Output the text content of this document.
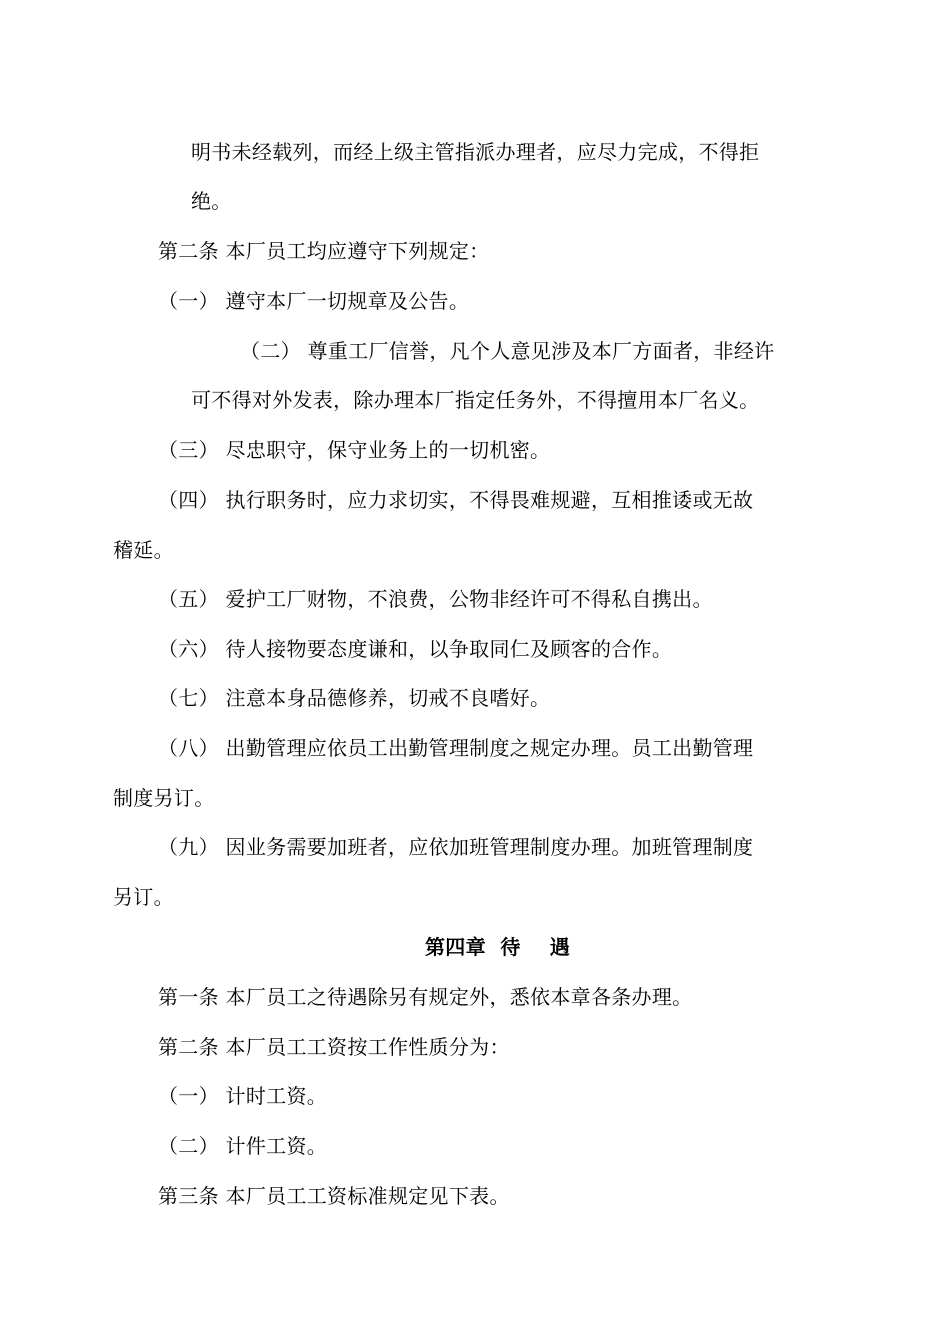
明书未经载列，而经上级主管指派办理者，应尽力完成，不得拒
绝。
第二条 本厂员工均应遵守下列规定：
（一） 遵守本厂一切规章及公告。
（二） 尊重工厂信誉，凡个人意见涉及本厂方面者，非经许
可不得对外发表，除办理本厂指定任务外，不得擅用本厂名义。
（三） 尽忠职守，保守业务上的一切机密。
（四） 执行职务时，应力求切实，不得畏难规避，互相推诿或无故
稽延。
（五） 爱护工厂财物，不浪费，公物非经许可不得私自携出。
（六） 待人接物要态度谦和，以争取同仁及顾客的合作。
（七） 注意本身品德修养，切戒不良嗜好。
（八） 出勤管理应依员工出勤管理制度之规定办理。员工出勤管理
制度另订。
（九） 因业务需要加班者，应依加班管理制度办理。加班管理制度
另订。
第四章  待    遇
第一条 本厂员工之待遇除另有规定外，悉依本章各条办理。
第二条 本厂员工工资按工作性质分为：
（一） 计时工资。
（二） 计件工资。
第三条 本厂员工工资标准规定见下表。
